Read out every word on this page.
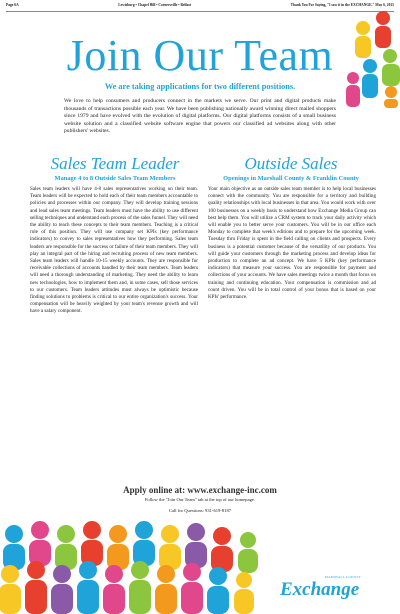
Page 6A	Lewisburg • Chapel Hill • Cornersville • Belfast	Thank You For Saying, "I saw it in the EXCHANGE." May 6, 2015
Join Our Team
We are taking applications for two different positions.
We love to help consumers and producers connect in the markets we serve. Our print and digital products make thousands of transactions possible each year. We have been publishing nationally award winning direct mailed shoppers since 1979 and have evolved with the evolution of digital platforms. Our digital platforms consists of a small business website solution and a classified website software engine that powers our classified ad websites along with other publishers' websites.
Sales Team Leader
Manage 4 to 8 Outside Sales Team Members
Sales team leaders will have 4-8 sales representatives working on their team. Team leaders will be expected to hold each of their team members accountable to policies and processes within our company. They will develop training sessions and lead sales team meetings. Team leaders must have the ability to use different selling techniques and understand each process of the sales funnel. They will need the ability to teach these concepts to their team members. Teaching is a critical role of this position. They will use company set KPIs (key performance indicators) to convey to sales representatives how they performing. Sales team leaders are responsible for the success or failure of their team members. They will play an integral part of the hiring and recruiting process of new team members. Sales team leaders will handle 10-15 weekly accounts. They are responsible for receivable collections of accounts handled by their team members. Team leaders will need a thorough understanding of marketing. They need the ability to learn new technologies, how to implement them and, in some cases, sell those services to our customers. Team leaders attitudes must always be optimistic because finding solutions to problems is critical to our entire organization's success. Your compensation will be heavily weighted by your team's revenue growth and will have a salary component.
Outside Sales
Openings in Marshall County & Franklin County
Your main objective as an outside sales team member is to help local businesses connect with the community. You are responsible for a territory and building quality relationships with local businesses in that area. You would work with over 100 businesses on a weekly basis to understand how Exchange Media Group can best help them. You will utilize a CRM system to track your daily activity which will enable you to better serve your customers. You will be in our office each Monday to complete that week's editions and to prepare for the upcoming week. Tuesday thru Friday is spent in the field calling on clients and prospects. Every business is a potential customer because of the versatility of our products. You will guide your customers through the marketing process and develop ideas for production to complete an ad concept. We have 5 KPIs (key performance indicators) that measure your success. You are responsible for payment and collections of your accounts. We have sales meetings twice a month that focus on training and continuing education. Your compensation is commission and ad count driven. You will be in total control of your bonus that is based on your KPIs' performance.
Apply online at: www.exchange-inc.com
Follow the "Join Our Team" tab at the top of our homepage.
Call for Questions: 931-619-8187
MARSHALL COUNTY
Exchange
